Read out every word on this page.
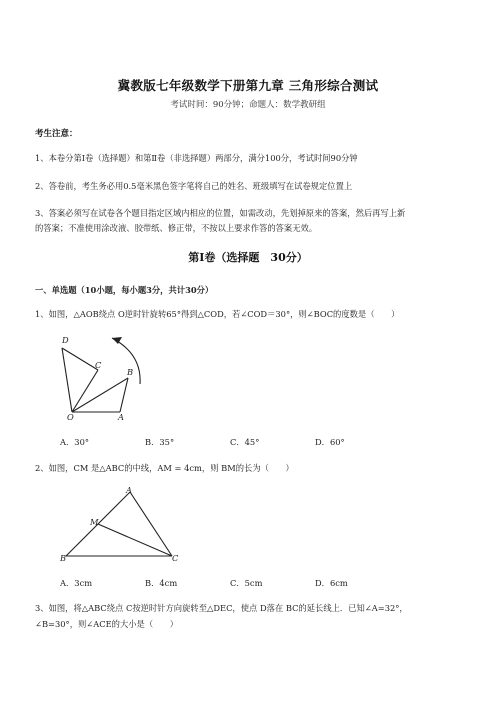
冀教版七年级数学下册第九章 三角形综合测试
考试时间：90分钟；命题人：数学教研组
考生注意：
1、本卷分第I卷（选择题）和第Ⅱ卷（非选择题）两部分，满分100分，考试时间90分钟
2、答卷前，考生务必用0.5毫米黑色签字笔将自己的姓名、班级填写在试卷规定位置上
3、答案必须写在试卷各个题目指定区域内相应的位置，如需改动，先划掉原来的答案，然后再写上新
的答案；不准使用涂改液、胶带纸、修正带，不按以上要求作答的答案无效。
第I卷（选择题　30分）
一、单选题（10小题，每小题3分，共计30分）
1、如图，△AOB绕点 O逆时针旋转65°得到△COD，若∠COD＝30°，则∠BOC的度数是（　　）
D
C
B
O	A
A．30°	B．35°	C．45°	D．60°
2、如图，CM 是△ABC的中线，AM = 4cm，则 BM的长为（　　）
A
M
B	C
A．3cm	B．4cm	C．5cm	D．6cm
3、如图，将△ABC绕点 C按逆时针方向旋转至△DEC，使点 D落在 BC的延长线上．已知∠A=32°，
∠B=30°，则∠ACE的大小是（　　）
